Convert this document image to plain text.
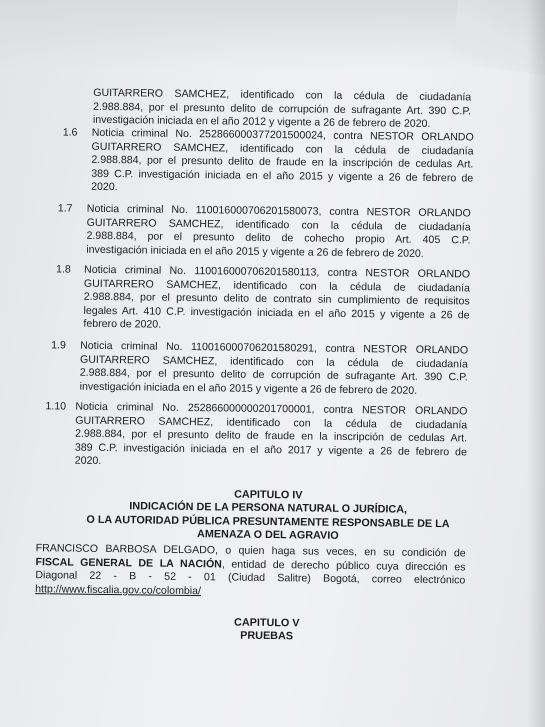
GUITARRERO SAMCHEZ, identificado con la cédula de ciudadanía
2.988.884, por el presunto delito de corrupción de sufragante Art. 390 C.P.
investigación iniciada en el año 2012 y vigente a 26 de febrero de 2020.
1.6 Noticia criminal No. 252866000377201500024, contra NESTOR ORLANDO
GUITARRERO SAMCHEZ, identificado con la cédula de ciudadanía
2.988.884, por el presunto delito de fraude en la inscripción de cedulas Art.
389 C.P. investigación iniciada en el año 2015 y vigente a 26 de febrero de
2020.
1.7 Noticia criminal No. 110016000706201580073, contra NESTOR ORLANDO
GUITARRERO SAMCHEZ, identificado con la cédula de ciudadanía
2.988.884, por el presunto delito de cohecho propio Art. 405 C.P.
investigación iniciada en el año 2015 y vigente a 26 de febrero de 2020.
1.8 Noticia criminal No. 110016000706201580113, contra NESTOR ORLANDO
GUITARRERO SAMCHEZ, identificado con la cédula de ciudadanía
2.988.884, por el presunto delito de contrato sin cumplimiento de requisitos
legales Art. 410 C.P. investigación iniciada en el año 2015 y vigente a 26 de
febrero de 2020.
1.9 Noticia criminal No. 110016000706201580291, contra NESTOR ORLANDO
GUITARRERO SAMCHEZ, identificado con la cédula de ciudadanía
2.988.884, por el presunto delito de corrupción de sufragante Art. 390 C.P.
investigación iniciada en el año 2015 y vigente a 26 de febrero de 2020.
1.10 Noticia criminal No. 252866000000201700001, contra NESTOR ORLANDO
GUITARRERO SAMCHEZ, identificado con la cédula de ciudadanía
2.988.884, por el presunto delito de fraude en la inscripción de cedulas Art.
389 C.P. investigación iniciada en el año 2017 y vigente a 26 de febrero de
2020.
CAPITULO IV
INDICACIÓN DE LA PERSONA NATURAL O JURÍDICA,
O LA AUTORIDAD PÚBLICA PRESUNTAMENTE RESPONSABLE DE LA
AMENAZA O DEL AGRAVIO
FRANCISCO BARBOSA DELGADO, o quien haga sus veces, en su condición de
FISCAL GENERAL DE LA NACIÓN, entidad de derecho público cuya dirección es
Diagonal 22 - B - 52 - 01 (Ciudad Salitre) Bogotá, correo electrónico
http://www.fiscalia.gov.co/colombia/
CAPITULO V
PRUEBAS
